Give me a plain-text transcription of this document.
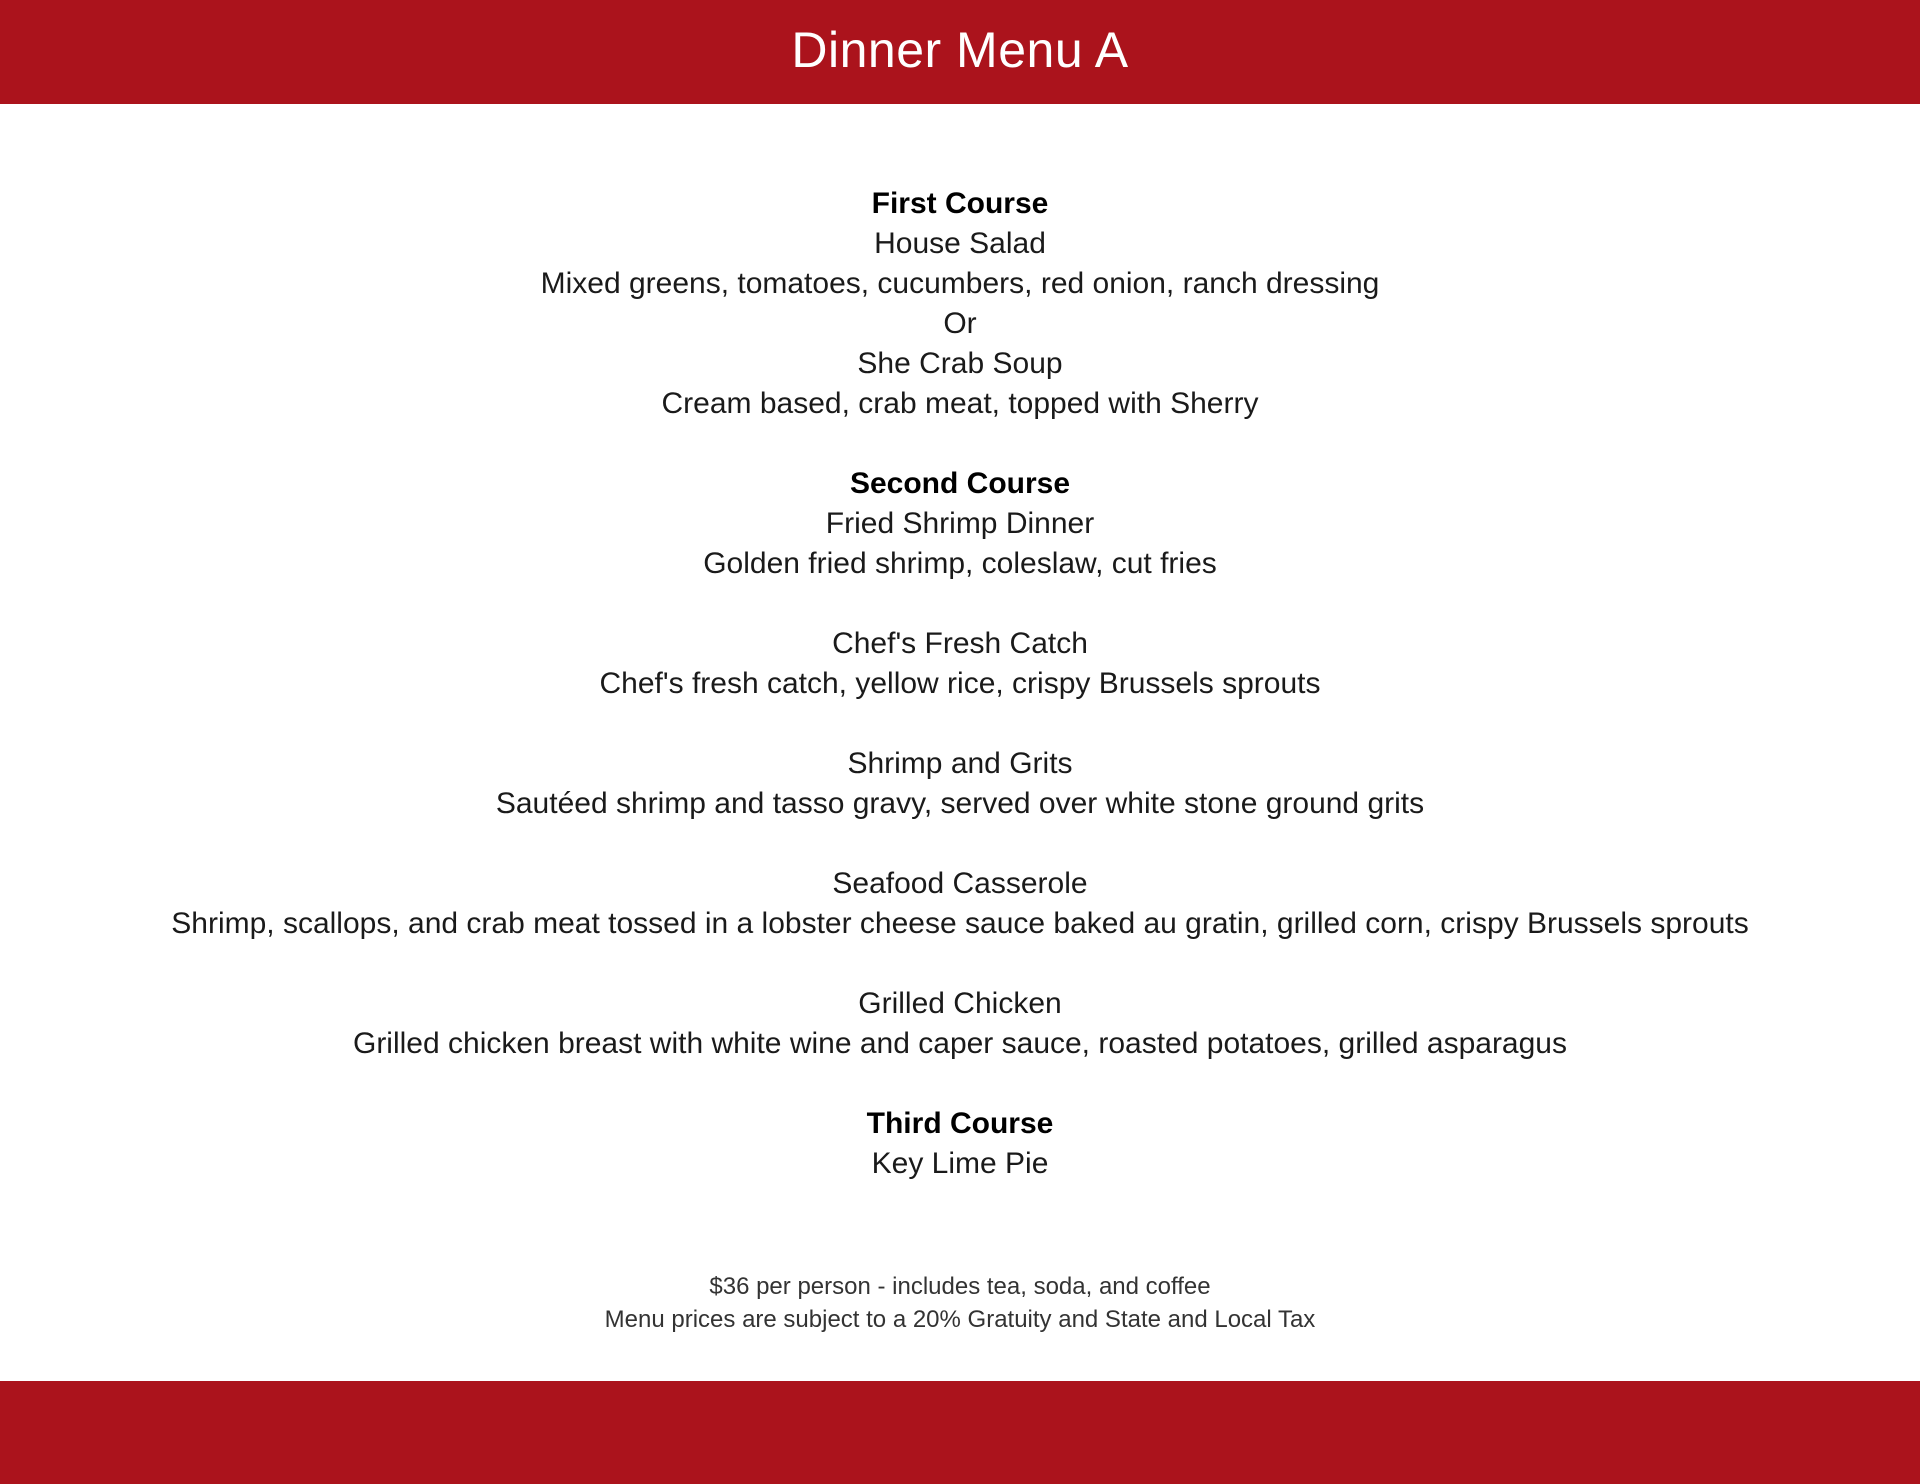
Dinner Menu A
First Course
House Salad
Mixed greens, tomatoes, cucumbers, red onion, ranch dressing
Or
She Crab Soup
Cream based, crab meat, topped with Sherry
Second Course
Fried Shrimp Dinner
Golden fried shrimp, coleslaw, cut fries
Chef's Fresh Catch
Chef's fresh catch, yellow rice, crispy Brussels sprouts
Shrimp and Grits
Sautéed shrimp and tasso gravy, served over white stone ground grits
Seafood Casserole
Shrimp, scallops, and crab meat tossed in a lobster cheese sauce baked au gratin, grilled corn, crispy Brussels sprouts
Grilled Chicken
Grilled chicken breast with white wine and caper sauce, roasted potatoes, grilled asparagus
Third Course
Key Lime Pie
$36 per person - includes tea, soda, and coffee
Menu prices are subject to a 20% Gratuity and State and Local Tax
